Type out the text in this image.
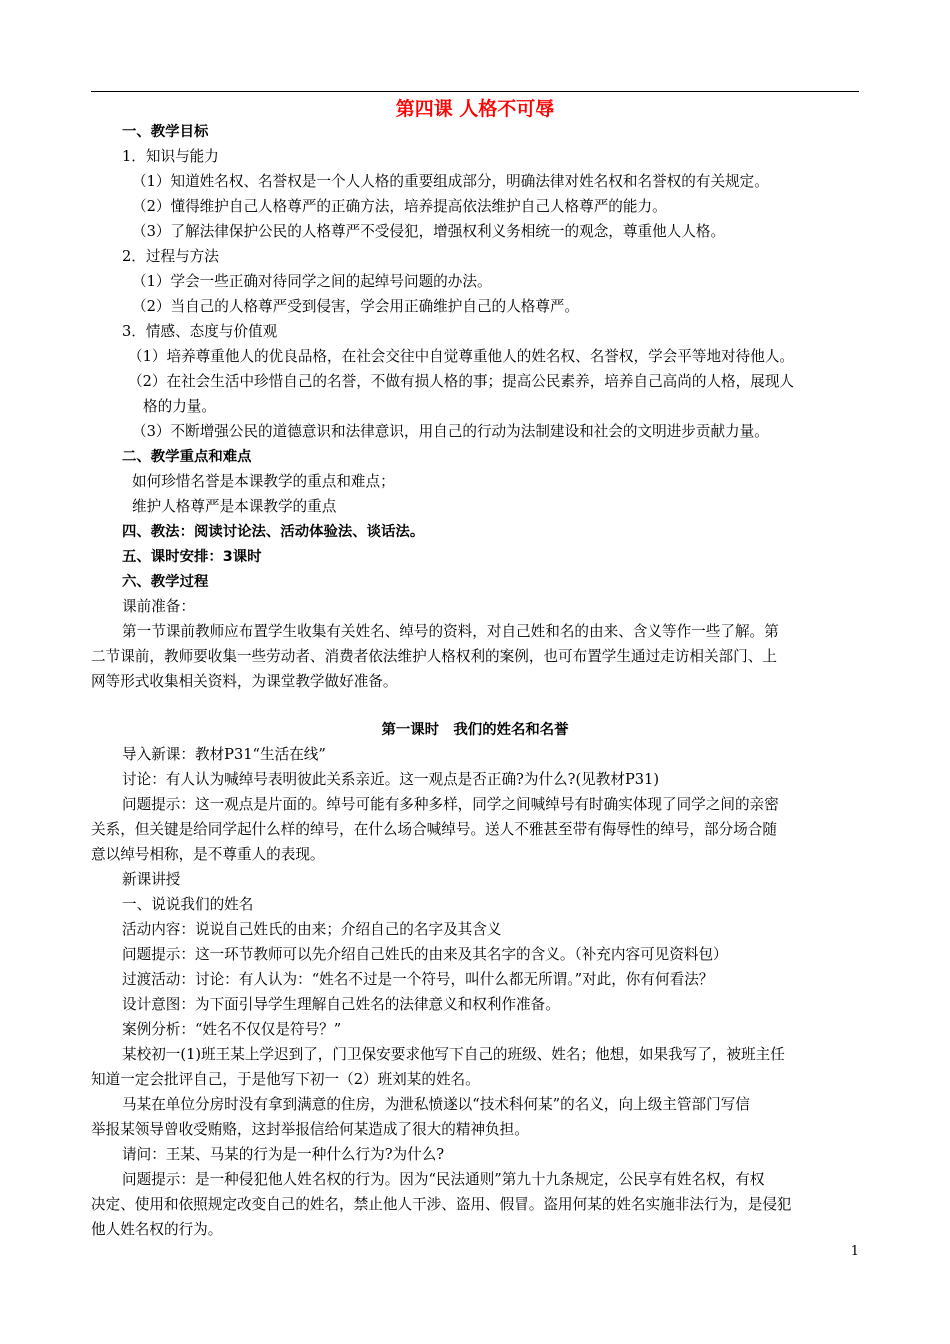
第四课 人格不可辱
一、教学目标
1．知识与能力
（1）知道姓名权、名誉权是一个人人格的重要组成部分，明确法律对姓名权和名誉权的有关规定。
（2）懂得维护自己人格尊严的正确方法，培养提高依法维护自己人格尊严的能力。
（3）了解法律保护公民的人格尊严不受侵犯，增强权利义务相统一的观念，尊重他人人格。
2．过程与方法
（1）学会一些正确对待同学之间的起绰号问题的办法。
（2）当自己的人格尊严受到侵害，学会用正确维护自己的人格尊严。
3．情感、态度与价值观
（1）培养尊重他人的优良品格，在社会交往中自觉尊重他人的姓名权、名誉权，学会平等地对待他人。
（2）在社会生活中珍惜自己的名誉，不做有损人格的事；提高公民素养，培养自己高尚的人格，展现人
格的力量。
（3）不断增强公民的道德意识和法律意识，用自己的行动为法制建设和社会的文明进步贡献力量。
二、教学重点和难点
如何珍惜名誉是本课教学的重点和难点；
维护人格尊严是本课教学的重点
四、教法：阅读讨论法、活动体验法、谈话法。
五、课时安排：3课时
六、教学过程
课前准备：
第一节课前教师应布置学生收集有关姓名、绰号的资料，对自己姓和名的由来、含义等作一些了解。第
二节课前，教师要收集一些劳动者、消费者依法维护人格权利的案例，也可布置学生通过走访相关部门、上
网等形式收集相关资料，为课堂教学做好准备。
第一课时　我们的姓名和名誉
导入新课：教材P31“生活在线”
讨论：有人认为喊绰号表明彼此关系亲近。这一观点是否正确?为什么?(见教材P31)
问题提示：这一观点是片面的。绰号可能有多种多样，同学之间喊绰号有时确实体现了同学之间的亲密
关系，但关键是给同学起什么样的绰号，在什么场合喊绰号。送人不雅甚至带有侮辱性的绰号，部分场合随
意以绰号相称，是不尊重人的表现。
新课讲授
一、说说我们的姓名
活动内容：说说自己姓氏的由来；介绍自己的名字及其含义
问题提示：这一环节教师可以先介绍自己姓氏的由来及其名字的含义。（补充内容可见资料包）
过渡活动：讨论：有人认为：“姓名不过是一个符号，叫什么都无所谓。”对此，你有何看法？
设计意图：为下面引导学生理解自己姓名的法律意义和权利作准备。
案例分析：“姓名不仅仅是符号？”
某校初一(1)班王某上学迟到了，门卫保安要求他写下自己的班级、姓名；他想，如果我写了，被班主任
知道一定会批评自己，于是他写下初一（2）班刘某的姓名。
马某在单位分房时没有拿到满意的住房，为泄私愤遂以“技术科何某”的名义，向上级主管部门写信
举报某领导曾收受贿赂，这封举报信给何某造成了很大的精神负担。
请问：王某、马某的行为是一种什么行为?为什么?
问题提示：是一种侵犯他人姓名权的行为。因为“民法通则”第九十九条规定，公民享有姓名权，有权
决定、使用和依照规定改变自己的姓名，禁止他人干涉、盗用、假冒。盗用何某的姓名实施非法行为，是侵犯
他人姓名权的行为。
1
